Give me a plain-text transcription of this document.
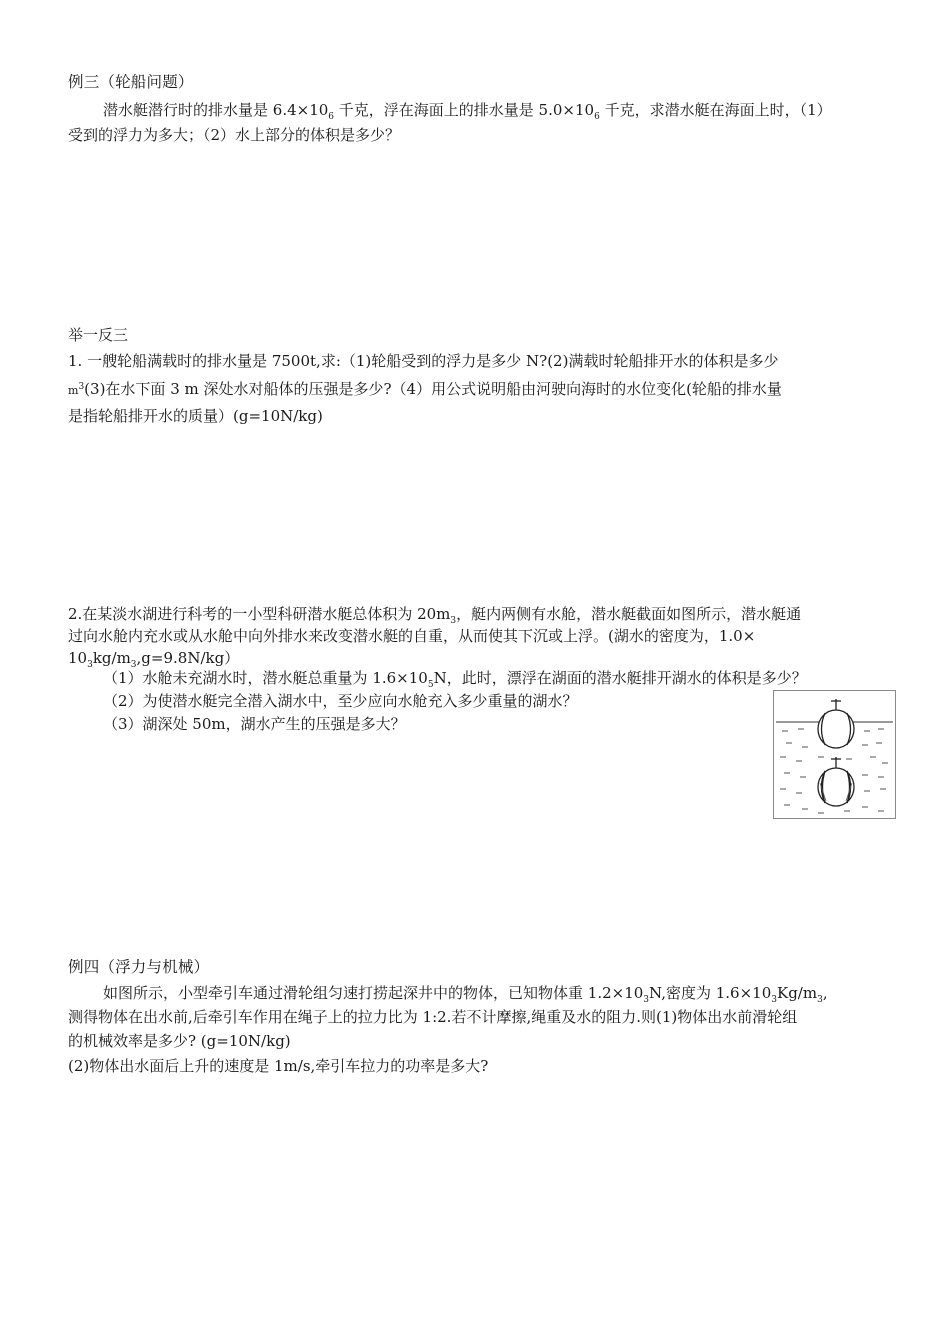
例三（轮船问题）
潜水艇潜行时的排水量是 $6.4\times 10_6$ 千克，浮在海面上的排水量是 $5.0\times 10_6$ 千克，求潜水艇在海面上时，（1）
受到的浮力为多大；（2）水上部分的体积是多少？
举一反三
1. 一艘轮船满载时的排水量是 7500t,求:（1)轮船受到的浮力是多少 N?(2)满载时轮船排开水的体积是多少
$m^3(3)$在水下面 3 m 深处水对船体的压强是多少?（4）用公式说明船由河驶向海时的水位变化(轮船的排水量
是指轮船排开水的质量）(g=10N/kg)
2.在某淡水湖进行科考的一小型科研潜水艇总体积为 $20m_3$，艇内两侧有水舱，潜水艇截面如图所示，潜水艇通
过向水舱内充水或从水舱中向外排水来改变潜水艇的自重，从而使其下沉或上浮。(湖水的密度为，1.0×
$10_3kg/m_3,g=9.8N/kg$）
（1）水舱未充湖水时，潜水艇总重量为 $1.6\times 10_5N$，此时，漂浮在湖面的潜水艇排开湖水的体积是多少？
（2）为使潜水艇完全潜入湖水中，至少应向水舱充入多少重量的湖水？
（3）湖深处 50m，湖水产生的压强是多大？
例四（浮力与机械）
如图所示，小型牵引车通过滑轮组匀速打捞起深井中的物体，已知物体重 $1.2\times 10_3N$,密度为 $1.6\times 10_3Kg/m_3$,
测得物体在出水前,后牵引车作用在绳子上的拉力比为 1:2.若不计摩擦,绳重及水的阻力.则(1)物体出水前滑轮组
的机械效率是多少? (g=10N/kg)
(2)物体出水面后上升的速度是 1m/s,牵引车拉力的功率是多大?
